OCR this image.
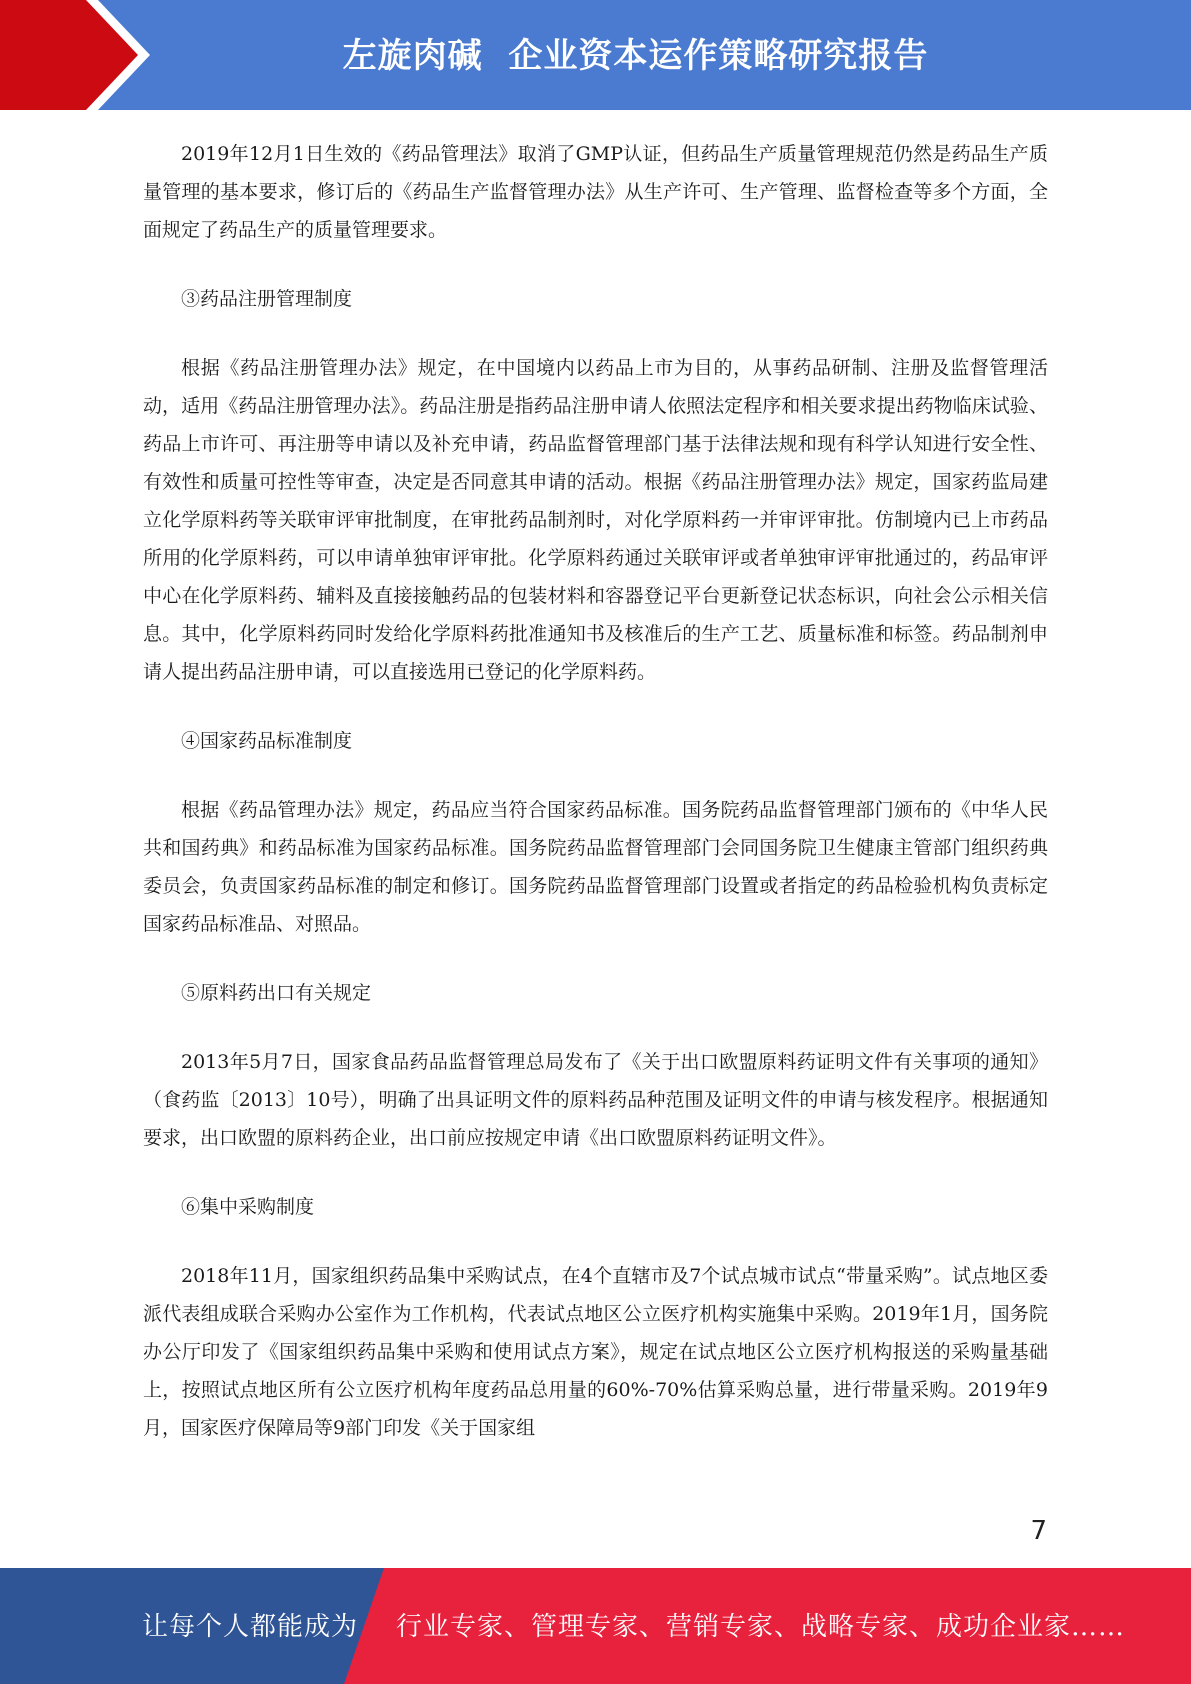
左旋肉碱  企业资本运作策略研究报告

2019年12月1日生效的《药品管理法》取消了GMP认证，但药品生产质量管理规范仍然是药品生产质量管理的基本要求，修订后的《药品生产监督管理办法》从生产许可、生产管理、监督检查等多个方面，全面规定了药品生产的质量管理要求。

③药品注册管理制度

根据《药品注册管理办法》规定，在中国境内以药品上市为目的，从事药品研制、注册及监督管理活动，适用《药品注册管理办法》。药品注册是指药品注册申请人依照法定程序和相关要求提出药物临床试验、药品上市许可、再注册等申请以及补充申请，药品监督管理部门基于法律法规和现有科学认知进行安全性、有效性和质量可控性等审查，决定是否同意其申请的活动。根据《药品注册管理办法》规定，国家药监局建立化学原料药等关联审评审批制度，在审批药品制剂时，对化学原料药一并审评审批。仿制境内已上市药品所用的化学原料药，可以申请单独审评审批。化学原料药通过关联审评或者单独审评审批通过的，药品审评中心在化学原料药、辅料及直接接触药品的包装材料和容器登记平台更新登记状态标识，向社会公示相关信息。其中，化学原料药同时发给化学原料药批准通知书及核准后的生产工艺、质量标准和标签。药品制剂申请人提出药品注册申请，可以直接选用已登记的化学原料药。

④国家药品标准制度

根据《药品管理办法》规定，药品应当符合国家药品标准。国务院药品监督管理部门颁布的《中华人民共和国药典》和药品标准为国家药品标准。国务院药品监督管理部门会同国务院卫生健康主管部门组织药典委员会，负责国家药品标准的制定和修订。国务院药品监督管理部门设置或者指定的药品检验机构负责标定国家药品标准品、对照品。

⑤原料药出口有关规定

2013年5月7日，国家食品药品监督管理总局发布了《关于出口欧盟原料药证明文件有关事项的通知》（食药监〔2013〕10号），明确了出具证明文件的原料药品种范围及证明文件的申请与核发程序。根据通知要求，出口欧盟的原料药企业，出口前应按规定申请《出口欧盟原料药证明文件》。

⑥集中采购制度

2018年11月，国家组织药品集中采购试点，在4个直辖市及7个试点城市试点“带量采购”。试点地区委派代表组成联合采购办公室作为工作机构，代表试点地区公立医疗机构实施集中采购。2019年1月，国务院办公厅印发了《国家组织药品集中采购和使用试点方案》，规定在试点地区公立医疗机构报送的采购量基础上，按照试点地区所有公立医疗机构年度药品总用量的60%-70%估算采购总量，进行带量采购。2019年9月，国家医疗保障局等9部门印发《关于国家组

7
让每个人都能成为 行业专家、管理专家、营销专家、战略专家、成功企业家……
